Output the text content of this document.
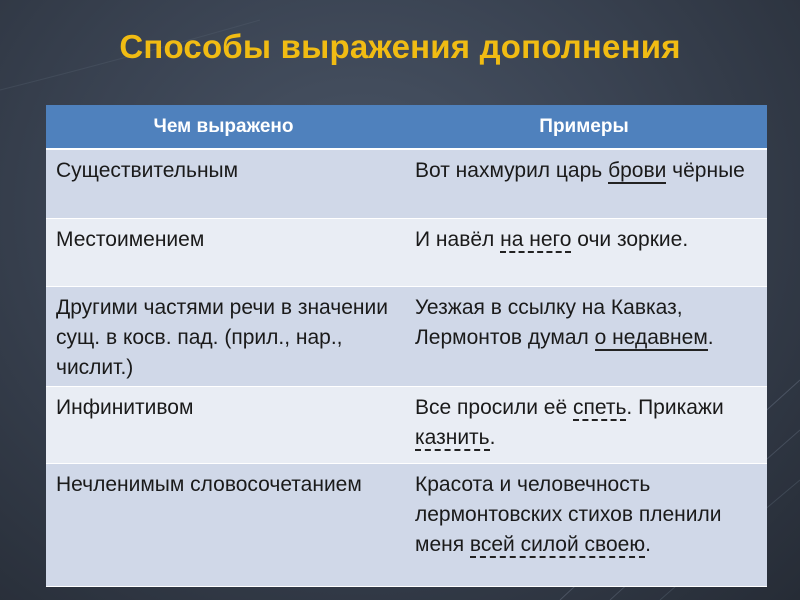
Способы выражения дополнения
Чем выражено	Примеры
Существительным	Вот нахмурил царь брови чёрные
Местоимением	И навёл на него очи зоркие.
Другими частями речи в значении сущ. в косв. пад. (прил., нар., числит.)	Уезжая в ссылку на Кавказ, Лермонтов думал о недавнем.
Инфинитивом	Все просили её спеть. Прикажи казнить.
Нечленимым словосочетанием	Красота и человечность лермонтовских стихов пленили меня всей силой своею.
